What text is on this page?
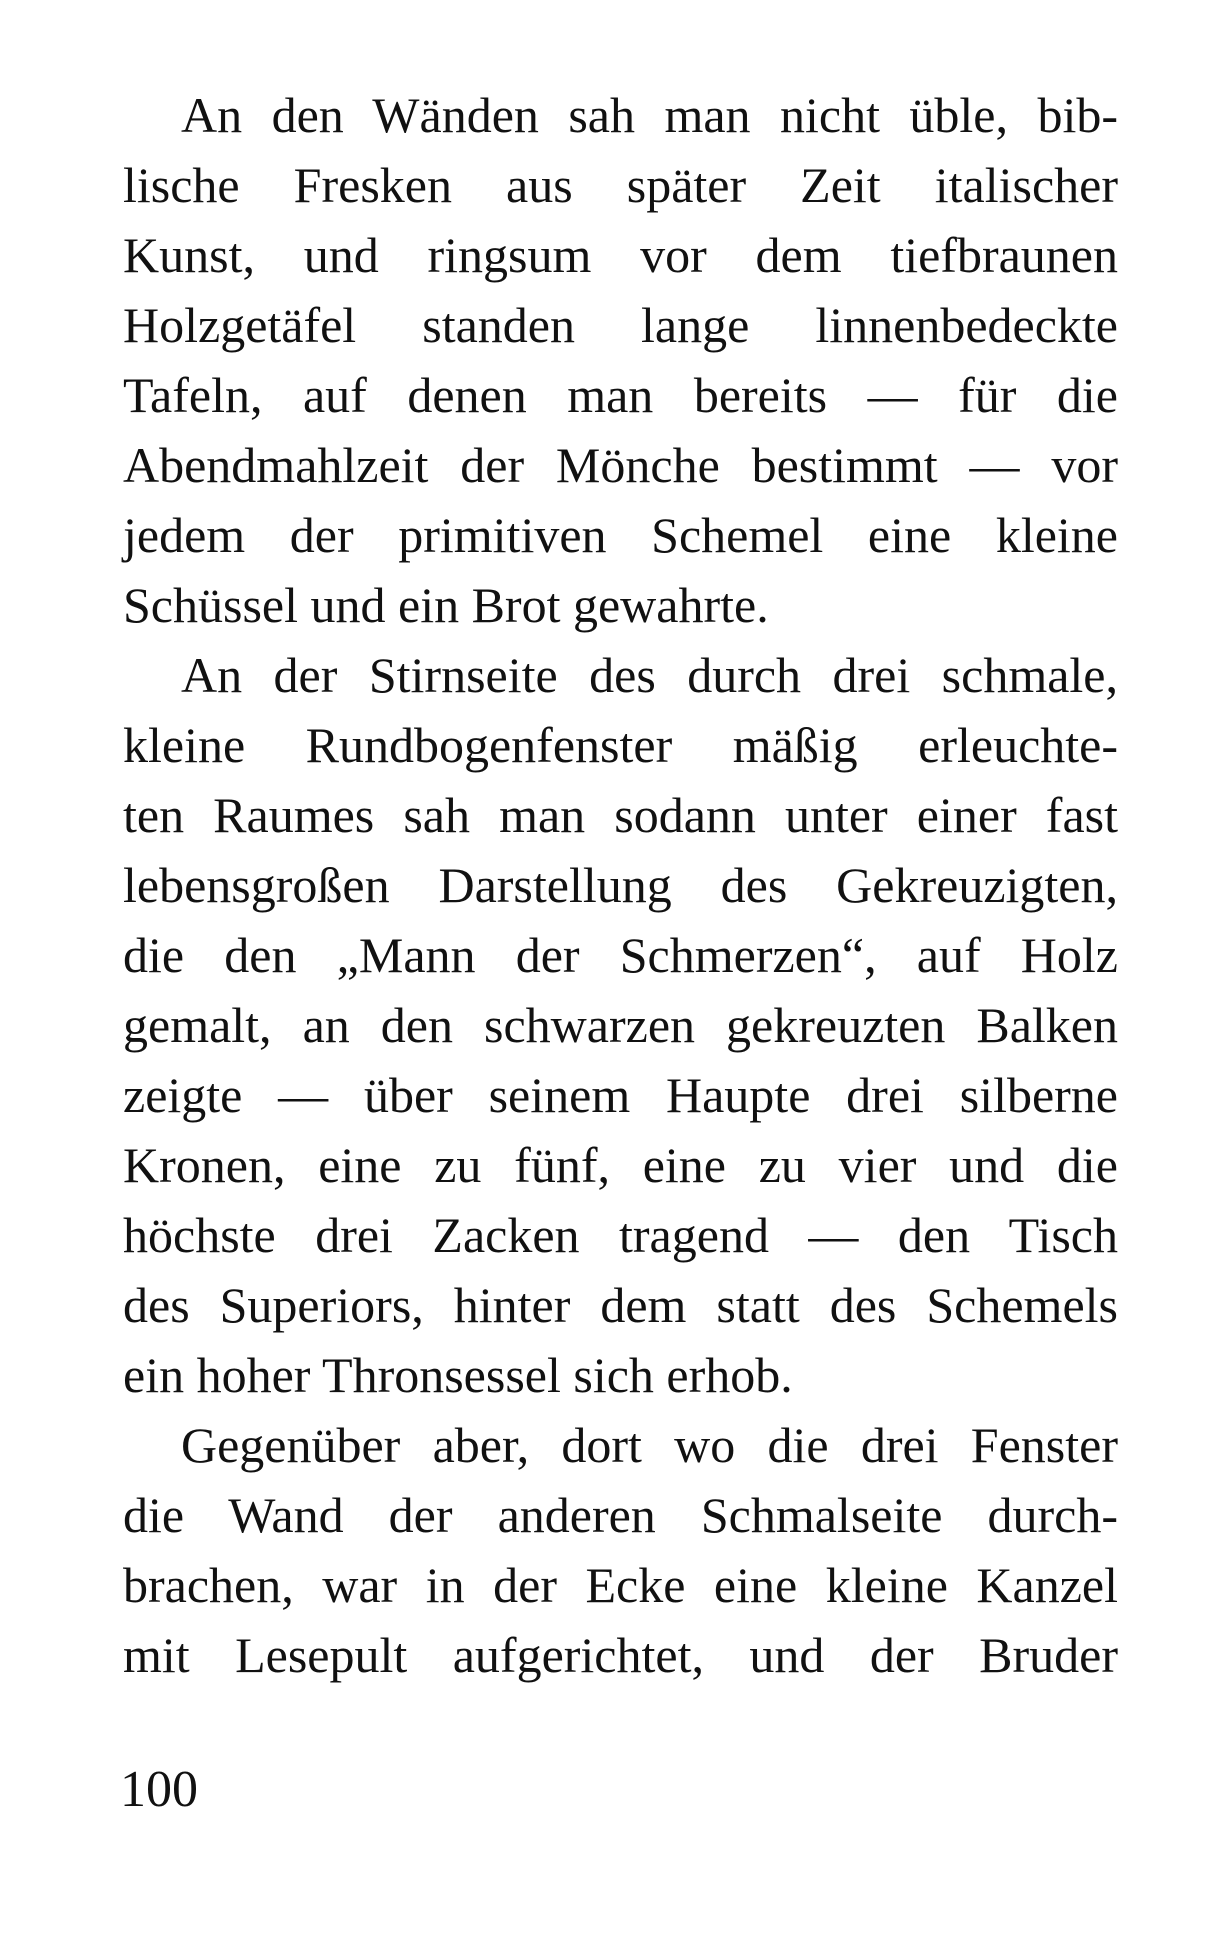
An den Wänden sah man nicht üble, bib-
lische Fresken aus später Zeit italischer
Kunst, und ringsum vor dem tiefbraunen
Holzgetäfel standen lange linnenbedeckte
Tafeln, auf denen man bereits — für die
Abendmahlzeit der Mönche bestimmt — vor
jedem der primitiven Schemel eine kleine
Schüssel und ein Brot gewahrte.
An der Stirnseite des durch drei schmale,
kleine Rundbogenfenster mäßig erleuchte-
ten Raumes sah man sodann unter einer fast
lebensgroßen Darstellung des Gekreuzigten,
die den „Mann der Schmerzen“, auf Holz
gemalt, an den schwarzen gekreuzten Balken
zeigte — über seinem Haupte drei silberne
Kronen, eine zu fünf, eine zu vier und die
höchste drei Zacken tragend — den Tisch
des Superiors, hinter dem statt des Schemels
ein hoher Thronsessel sich erhob.
Gegenüber aber, dort wo die drei Fenster
die Wand der anderen Schmalseite durch-
brachen, war in der Ecke eine kleine Kanzel
mit Lesepult aufgerichtet, und der Bruder
100
